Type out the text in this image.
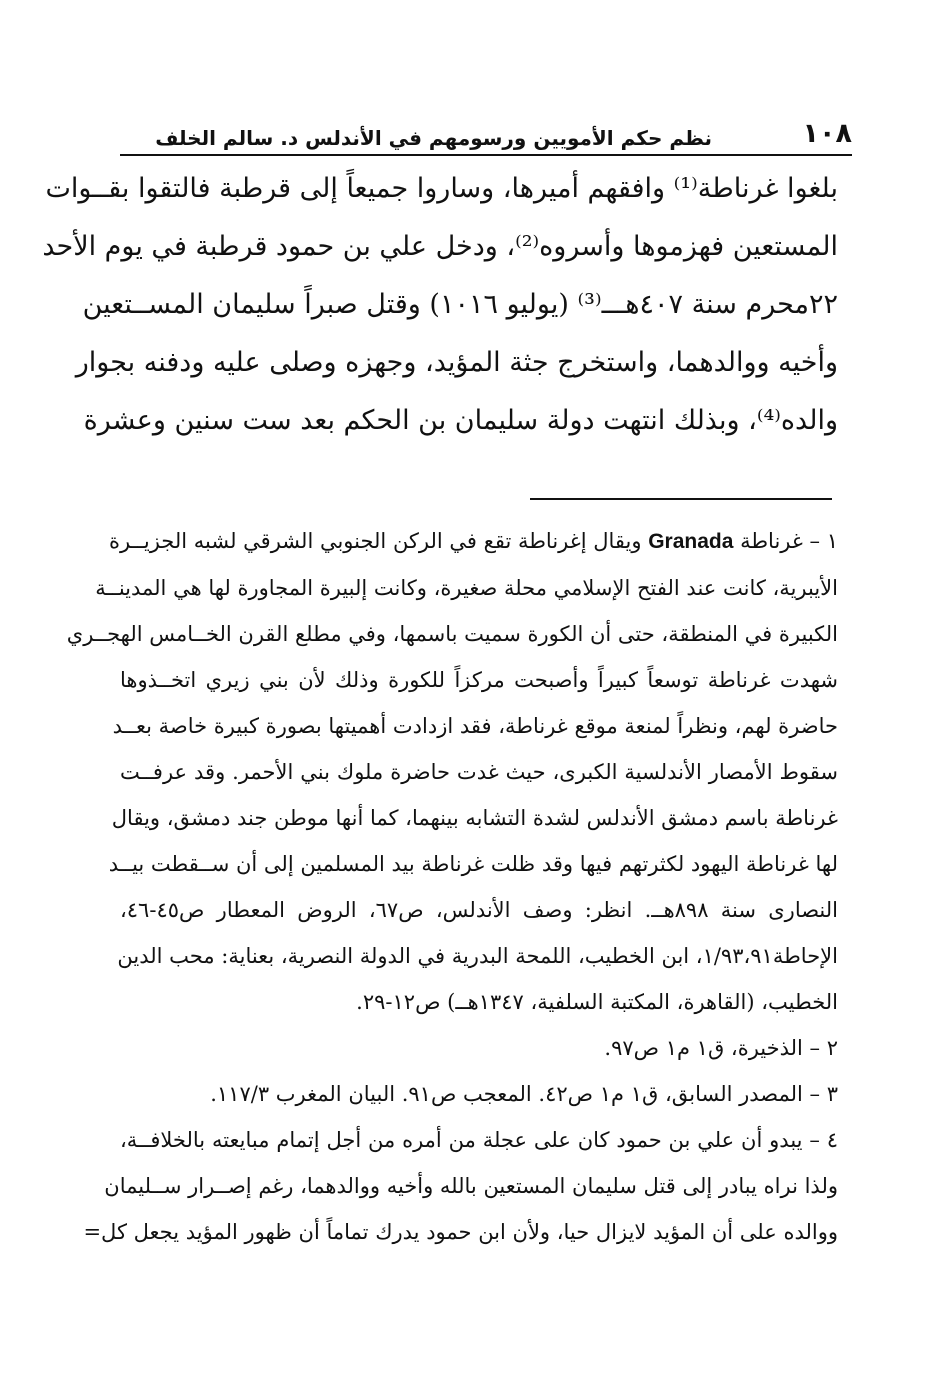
١٠٨
نظم حكم الأمويين ورسومهم في الأندلس د. سالم الخلف
بلغوا غرناطة⁽¹⁾ وافقهم أميرها، وساروا جميعاً إلى قرطبة فالتقوا بقــوات
المستعين فهزموها وأسروه⁽²⁾، ودخل علي بن حمود قرطبة في يوم الأحد
٢٢محرم سنة ٤٠٧هـــ⁽³⁾ (يوليو ١٠١٦) وقتل صبراً سليمان المســتعين
وأخيه ووالدهما، واستخرج جثة المؤيد، وجهزه وصلى عليه ودفنه بجوار
والده⁽⁴⁾، وبذلك انتهت دولة سليمان بن الحكم بعد ست سنين وعشرة
١ – غرناطة Granada ويقال إغرناطة تقع في الركن الجنوبي الشرقي لشبه الجزيــرة
الأيبرية، كانت عند الفتح الإسلامي محلة صغيرة، وكانت إلبيرة المجاورة لها هي المدينــة
الكبيرة في المنطقة، حتى أن الكورة سميت باسمها، وفي مطلع القرن الخــامس الهجــري
شهدت غرناطة توسعاً كبيراً وأصبحت مركزاً للكورة وذلك لأن بني زيري اتخــذوها
حاضرة لهم، ونظراً لمنعة موقع غرناطة، فقد ازدادت أهميتها بصورة كبيرة خاصة بعــد
سقوط الأمصار الأندلسية الكبرى، حيث غدت حاضرة ملوك بني الأحمر. وقد عرفــت
غرناطة باسم دمشق الأندلس لشدة التشابه بينهما، كما أنها موطن جند دمشق، ويقال
لها غرناطة اليهود لكثرتهم فيها وقد ظلت غرناطة بيد المسلمين إلى أن ســقطت بيــد
النصارى سنة ٨٩٨هــ. انظر: وصف الأندلس، ص٦٧، الروض المعطار ص٤٥-٤٦،
الإحاطة١/٩٣،٩١، ابن الخطيب، اللمحة البدرية في الدولة النصرية، بعناية: محب الدين
الخطيب، (القاهرة، المكتبة السلفية، ١٣٤٧هــ) ص١٢-٢٩.
٢ – الذخيرة، ق١ م١ ص٩٧.
٣ – المصدر السابق، ق١ م١ ص٤٢. المعجب ص٩١. البيان المغرب ١١٧/٣.
٤ – يبدو أن علي بن حمود كان على عجلة من أمره من أجل إتمام مبايعته بالخلافــة،
ولذا نراه يبادر إلى قتل سليمان المستعين بالله وأخيه ووالدهما، رغم إصــرار ســليمان
ووالده على أن المؤيد لايزال حيا، ولأن ابن حمود يدرك تماماً أن ظهور المؤيد يجعل كل=
